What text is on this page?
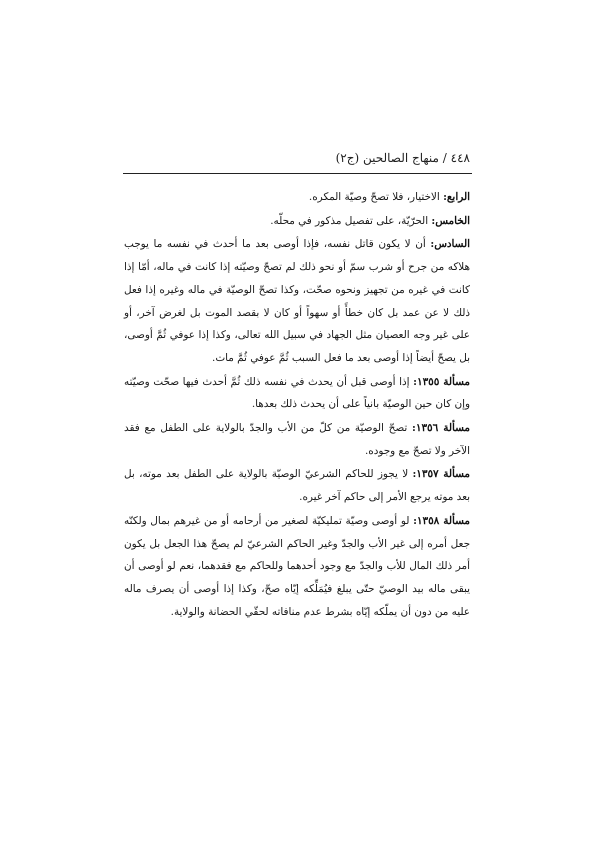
٤٤٨ / منهاج الصالحين (ج٢)

الرابع: الاختيار، فلا تصحّ وصيّة المكره.

الخامس: الحرّيّة، على تفصيل مذكور في محلّه.

السادس: أن لا يكون قاتل نفسه، فإذا أوصى بعد ما أحدث في نفسه ما يوجب هلاكه من جرح أو شرب سمّ أو نحو ذلك لم تصحّ وصيّته إذا كانت في ماله، أمّا إذا كانت في غيره من تجهيز ونحوه صحّت، وكذا تصحّ الوصيّة في ماله وغيره إذا فعل ذلك لا عن عمد بل كان خطأً أو سهواً أو كان لا بقصد الموت بل لغرض آخر، أو على غير وجه العصيان مثل الجهاد في سبيل الله تعالى، وكذا إذا عوفي ثُمَّ أوصى، بل يصحّ أيضاً إذا أوصى بعد ما فعل السبب ثُمَّ عوفي ثُمَّ مات.

مسألة ١٣٥٥: إذا أوصى قبل أن يحدث في نفسه ذلك ثُمَّ أحدث فيها صحّت وصيّته وإن كان حين الوصيّة بانياً على أن يحدث ذلك بعدها.

مسألة ١٣٥٦: تصحّ الوصيّة من كلّ من الأب والجدّ بالولاية على الطفل مع فقد الآخر ولا تصحّ مع وجوده.

مسألة ١٣٥٧: لا يجوز للحاكم الشرعيّ الوصيّة بالولاية على الطفل بعد موته، بل بعد موته يرجع الأمر إلى حاكم آخر غيره.

مسألة ١٣٥٨: لو أوصى وصيّة تمليكيّة لصغير من أرحامه أو من غيرهم بمال ولكنّه جعل أمره إلى غير الأب والجدّ وغير الحاكم الشرعيّ لم يصحّ هذا الجعل بل يكون أمر ذلك المال للأب والجدّ مع وجود أحدهما وللحاكم مع فقدهما، نعم لو أوصى أن يبقى ماله بيد الوصيّ حتّى يبلغ فيُمَلِّكه إيّاه صحّ، وكذا إذا أوصى أن يصرف ماله عليه من دون أن يملّكه إيّاه بشرط عدم منافاته لحقّي الحضانة والولاية.
